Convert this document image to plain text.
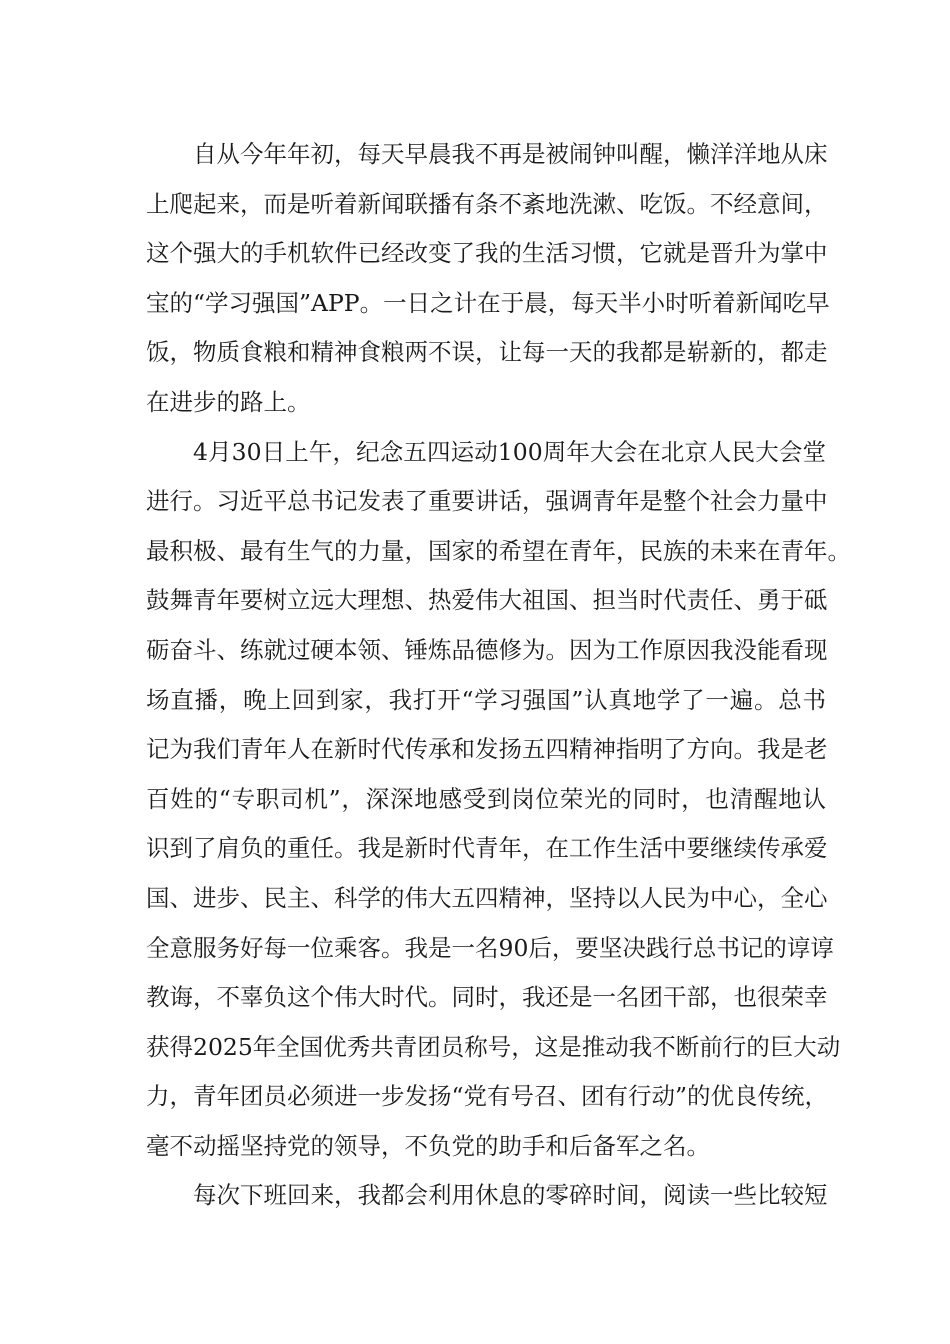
自从今年年初，每天早晨我不再是被闹钟叫醒，懒洋洋地从床
上爬起来，而是听着新闻联播有条不紊地洗漱、吃饭。不经意间，
这个强大的手机软件已经改变了我的生活习惯，它就是晋升为掌中
宝的“学习强国”APP。一日之计在于晨，每天半小时听着新闻吃早
饭，物质食粮和精神食粮两不误，让每一天的我都是崭新的，都走
在进步的路上。

4月30日上午，纪念五四运动100周年大会在北京人民大会堂
进行。习近平总书记发表了重要讲话，强调青年是整个社会力量中
最积极、最有生气的力量，国家的希望在青年，民族的未来在青年。
鼓舞青年要树立远大理想、热爱伟大祖国、担当时代责任、勇于砥
砺奋斗、练就过硬本领、锤炼品德修为。因为工作原因我没能看现
场直播，晚上回到家，我打开“学习强国”认真地学了一遍。总书
记为我们青年人在新时代传承和发扬五四精神指明了方向。我是老
百姓的“专职司机”，深深地感受到岗位荣光的同时，也清醒地认
识到了肩负的重任。我是新时代青年，在工作生活中要继续传承爱
国、进步、民主、科学的伟大五四精神，坚持以人民为中心，全心
全意服务好每一位乘客。我是一名90后，要坚决践行总书记的谆谆
教诲，不辜负这个伟大时代。同时，我还是一名团干部，也很荣幸
获得2025年全国优秀共青团员称号，这是推动我不断前行的巨大动
力，青年团员必须进一步发扬“党有号召、团有行动”的优良传统，
毫不动摇坚持党的领导，不负党的助手和后备军之名。

每次下班回来，我都会利用休息的零碎时间，阅读一些比较短
